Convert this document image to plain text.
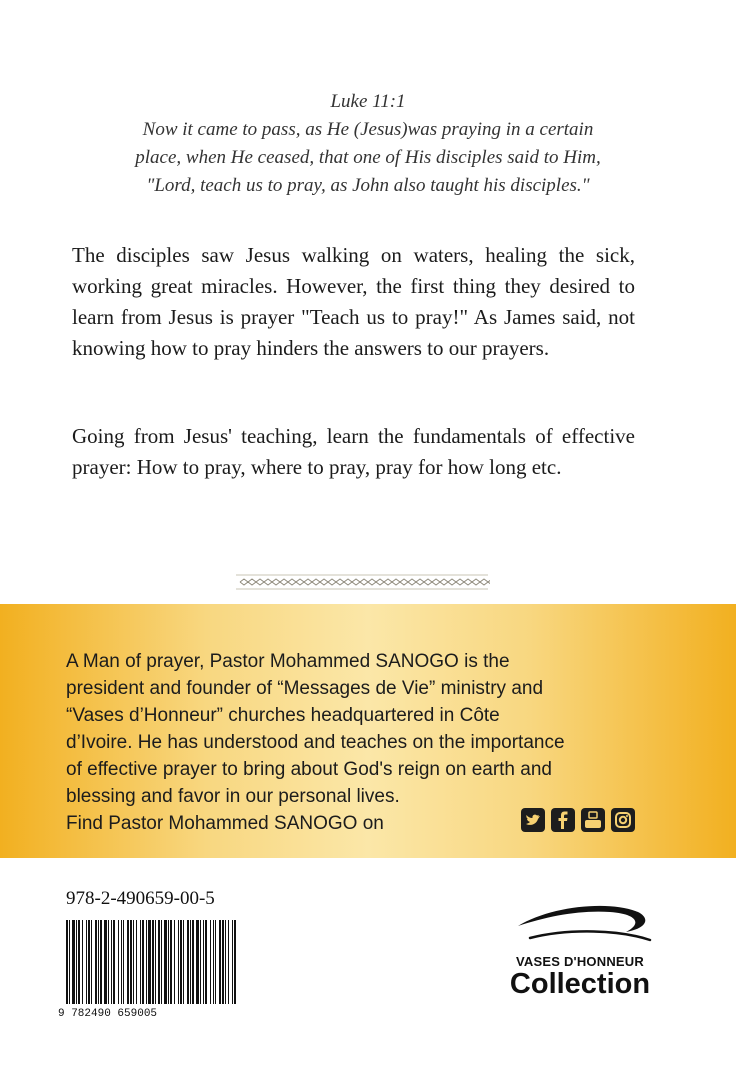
Luke 11:1
Now it came to pass, as He (Jesus)was praying in a certain
place, when He ceased, that one of His disciples said to Him,
"Lord, teach us to pray, as John also taught his disciples."
The disciples saw Jesus walking on waters, healing the sick, working great miracles. However, the first thing they desired to learn from Jesus is prayer "Teach us to pray!" As James said, not knowing how to pray hinders the answers to our prayers.
Going from Jesus' teaching, learn the fundamentals of effective prayer: How to pray, where to pray, pray for how long etc.
A Man of prayer, Pastor Mohammed SANOGO is the
president and founder of “Messages de Vie” ministry and
“Vases d’Honneur” churches headquartered in Côte
d’Ivoire. He has understood and teaches on the importance
of effective prayer to bring about God's reign on earth and
blessing and favor in our personal lives.
Find Pastor Mohammed SANOGO on
978-2-490659-00-5
9 782490 659005
VASES D'HONNEUR
Collection
